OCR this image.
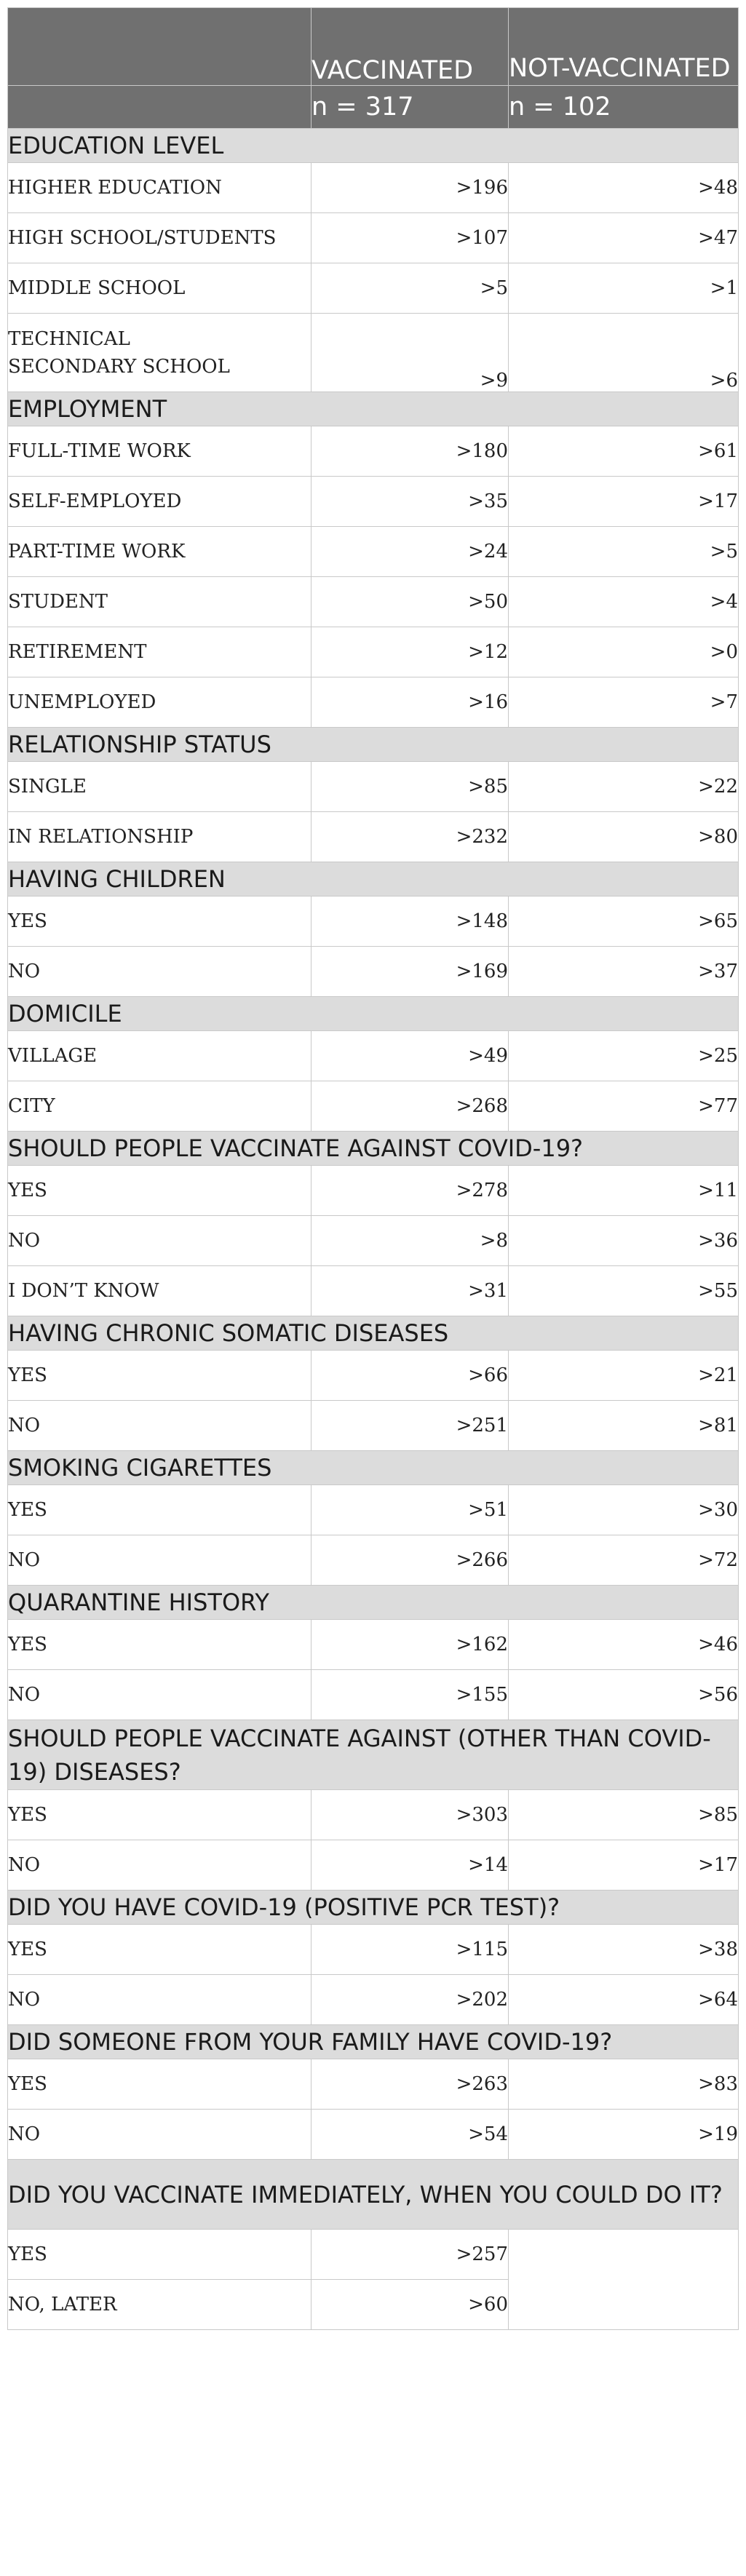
	VACCINATED	NOT-VACCINATED
	n = 317	n = 102
EDUCATION LEVEL		
HIGHER EDUCATION	>196	>48
HIGH SCHOOL/STUDENTS	>107	>47
MIDDLE SCHOOL	>5	>1
TECHNICAL SECONDARY SCHOOL	>9	>6
EMPLOYMENT		
FULL-TIME WORK	>180	>61
SELF-EMPLOYED	>35	>17
PART-TIME WORK	>24	>5
STUDENT	>50	>4
RETIREMENT	>12	>0
UNEMPLOYED	>16	>7
RELATIONSHIP STATUS		
SINGLE	>85	>22
IN RELATIONSHIP	>232	>80
HAVING CHILDREN		
YES	>148	>65
NO	>169	>37
DOMICILE		
VILLAGE	>49	>25
CITY	>268	>77
SHOULD PEOPLE VACCINATE AGAINST COVID-19?		
YES	>278	>11
NO	>8	>36
I DON’T KNOW	>31	>55
HAVING CHRONIC SOMATIC DISEASES		
YES	>66	>21
NO	>251	>81
SMOKING CIGARETTES		
YES	>51	>30
NO	>266	>72
QUARANTINE HISTORY		
YES	>162	>46
NO	>155	>56
SHOULD PEOPLE VACCINATE AGAINST (OTHER THAN COVID-19) DISEASES?		
YES	>303	>85
NO	>14	>17
DID YOU HAVE COVID-19 (POSITIVE PCR TEST)?		
YES	>115	>38
NO	>202	>64
DID SOMEONE FROM YOUR FAMILY HAVE COVID-19?		
YES	>263	>83
NO	>54	>19
DID YOU VACCINATE IMMEDIATELY, WHEN YOU COULD DO IT?		
YES	>257	
NO, LATER	>60	
